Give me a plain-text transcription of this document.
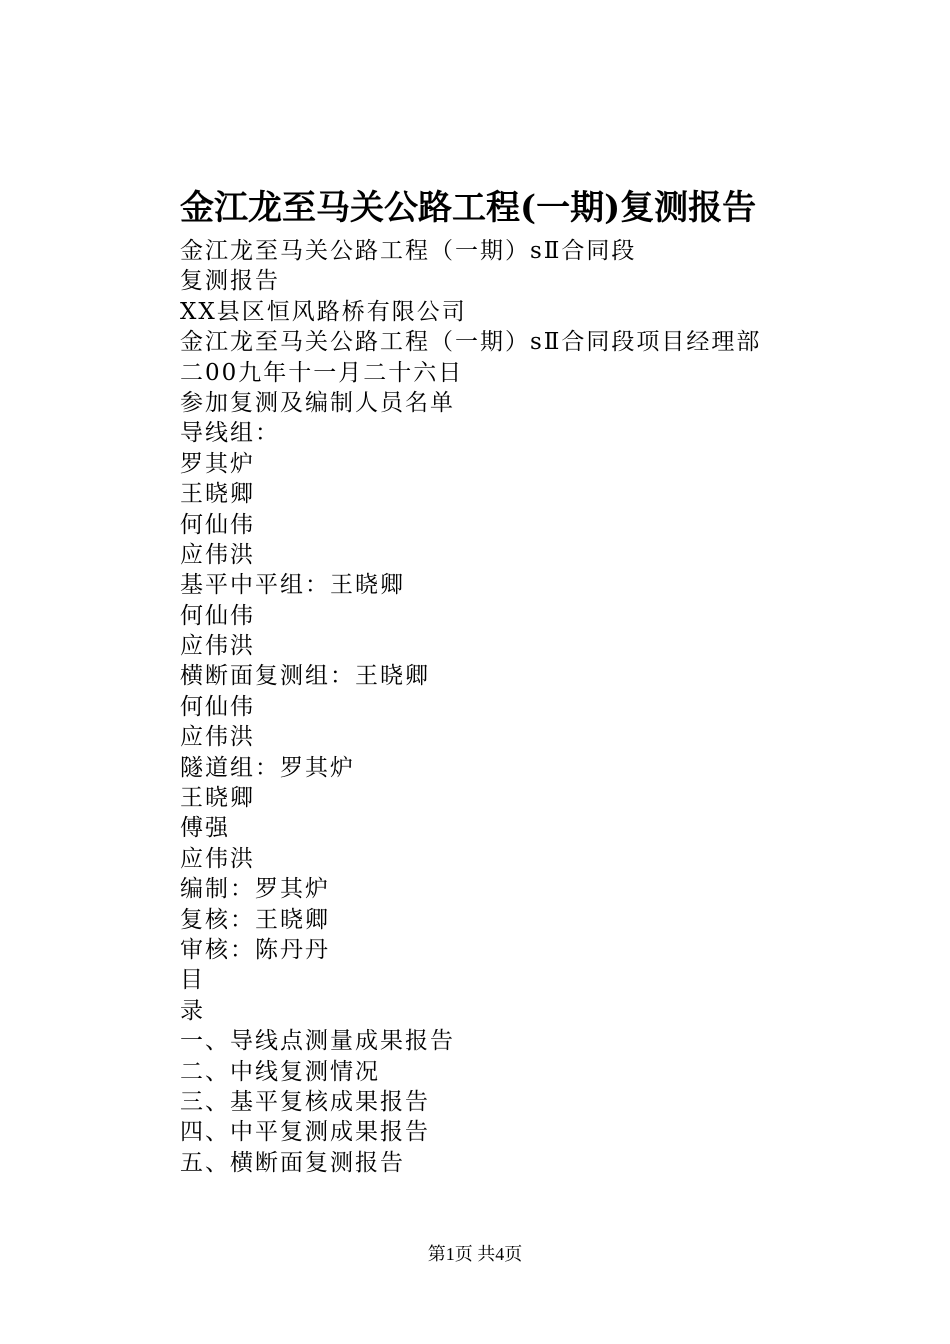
金江龙至马关公路工程(一期)复测报告
金江龙至马关公路工程（一期）sⅡ合同段
复测报告
XX县区恒风路桥有限公司
金江龙至马关公路工程（一期）sⅡ合同段项目经理部
二00九年十一月二十六日
参加复测及编制人员名单
导线组：
罗其炉
王晓卿
何仙伟
应伟洪
基平中平组：王晓卿
何仙伟
应伟洪
横断面复测组：王晓卿
何仙伟
应伟洪
隧道组：罗其炉
王晓卿
傅强
应伟洪
编制：罗其炉
复核：王晓卿
审核：陈丹丹
目
录
一、导线点测量成果报告
二、中线复测情况
三、基平复核成果报告
四、中平复测成果报告
五、横断面复测报告
第1页 共4页
